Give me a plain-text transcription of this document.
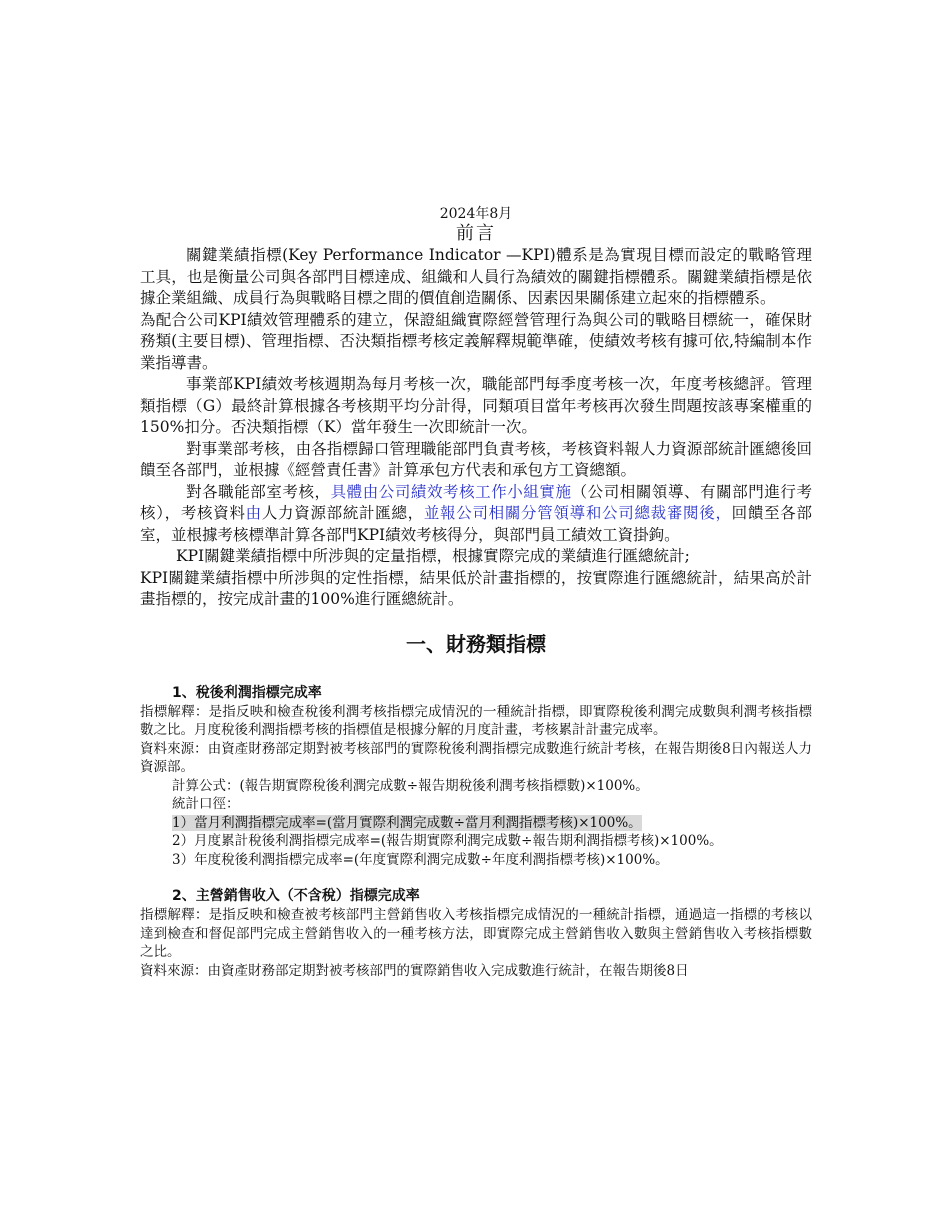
2024年8月

前言

關鍵業績指標(Key Performance Indicator —KPI)體系是為實現目標而設定的戰略管理工具，也是衡量公司與各部門目標達成、組織和人員行為績效的關鍵指標體系。關鍵業績指標是依據企業組織、成員行為與戰略目標之間的價值創造關係、因素因果關係建立起來的指標體系。

為配合公司KPI績效管理體系的建立，保證組織實際經營管理行為與公司的戰略目標統一，確保財務類(主要目標)、管理指標、否決類指標考核定義解釋規範準確，使績效考核有據可依,特編制本作業指導書。

事業部KPI績效考核週期為每月考核一次，職能部門每季度考核一次，年度考核總評。管理類指標（G）最終計算根據各考核期平均分計得，同類項目當年考核再次發生問題按該專案權重的150%扣分。否決類指標（K）當年發生一次即統計一次。

對事業部考核，由各指標歸口管理職能部門負責考核，考核資料報人力資源部統計匯總後回饋至各部門，並根據《經營責任書》計算承包方代表和承包方工資總額。

對各職能部室考核，具體由公司績效考核工作小組實施（公司相關領導、有關部門進行考核），考核資料由人力資源部統計匯總，並報公司相關分管領導和公司總裁審閱後，回饋至各部室，並根據考核標準計算各部門KPI績效考核得分，與部門員工績效工資掛鉤。

KPI關鍵業績指標中所涉與的定量指標，根據實際完成的業績進行匯總統計;

KPI關鍵業績指標中所涉與的定性指標，結果低於計畫指標的，按實際進行匯總統計，結果高於計畫指標的，按完成計畫的100%進行匯總統計。

一、財務類指標
1、稅後利潤指標完成率

指標解釋：是指反映和檢查稅後利潤考核指標完成情況的一種統計指標，即實際稅後利潤完成數與利潤考核指標數之比。月度稅後利潤指標考核的指標值是根據分解的月度計畫，考核累計計畫完成率。

資料來源：由資產財務部定期對被考核部門的實際稅後利潤指標完成數進行統計考核，在報告期後8日內報送人力資源部。

計算公式：(報告期實際稅後利潤完成數÷報告期稅後利潤考核指標數)×100%。

統計口徑：

1）當月利潤指標完成率=(當月實際利潤完成數÷當月利潤指標考核)×100%。

2）月度累計稅後利潤指標完成率=(報告期實際利潤完成數÷報告期利潤指標考核)×100%。

3）年度稅後利潤指標完成率=(年度實際利潤完成數÷年度利潤指標考核)×100%。

2、主營銷售收入（不含稅）指標完成率

指標解釋：是指反映和檢查被考核部門主營銷售收入考核指標完成情況的一種統計指標，通過這一指標的考核以達到檢查和督促部門完成主營銷售收入的一種考核方法，即實際完成主營銷售收入數與主營銷售收入考核指標數之比。

資料來源：由資產財務部定期對被考核部門的實際銷售收入完成數進行統計，在報告期後8日
